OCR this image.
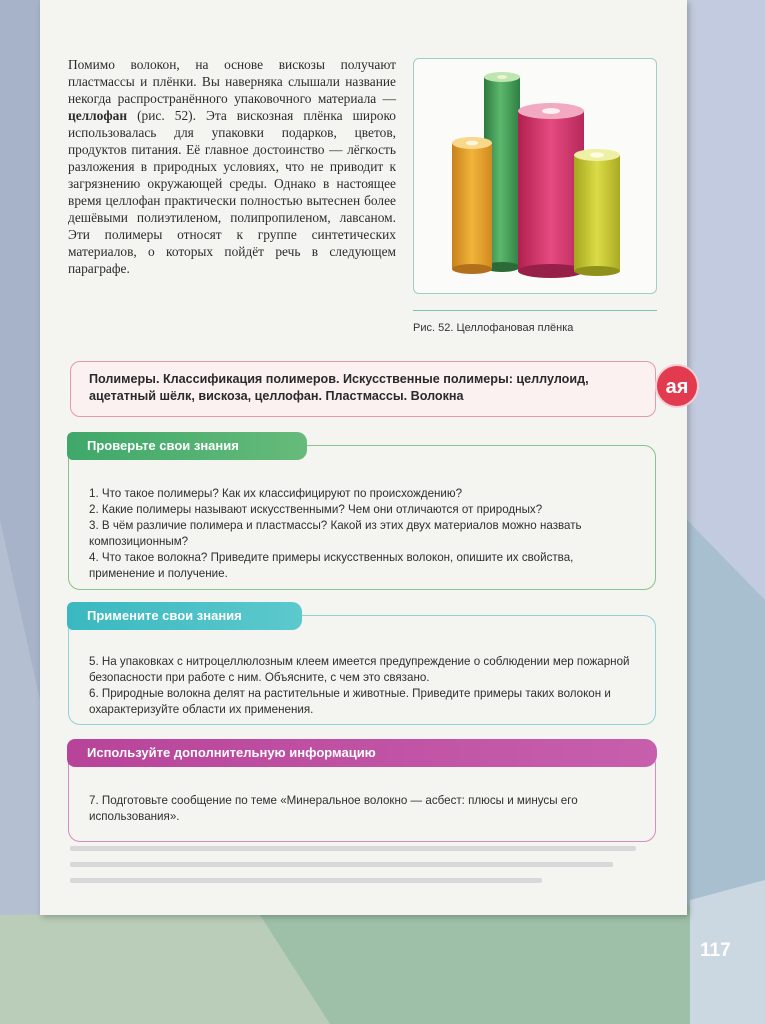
Помимо волокон, на основе вискозы получают пластмассы и плёнки. Вы наверняка слышали название некогда распространённого упаковочного материала — целлофан (рис. 52). Эта вискозная плёнка широко использовалась для упаковки подарков, цветов, продуктов питания. Её главное достоинство — лёгкость разложения в природных условиях, что не приводит к загрязнению окружающей среды. Однако в настоящее время целлофан практически полностью вытеснен более дешёвыми полиэтиленом, полипропиленом, лавсаном. Эти полимеры относят к группе синтетических материалов, о которых пойдёт речь в следующем параграфе.
Рис. 52. Целлофановая плёнка

Полимеры. Классификация полимеров. Искусственные полимеры: целлулоид, ацетатный шёлк, вискоза, целлофан. Пластмассы. Волокна	ая
Проверьте свои знания
1. Что такое полимеры? Как их классифицируют по происхождению?
2. Какие полимеры называют искусственными? Чем они отличаются от природных?
3. В чём различие полимера и пластмассы? Какой из этих двух материалов можно назвать композиционным?
4. Что такое волокна? Приведите примеры искусственных волокон, опишите их свойства, применение и получение.
Примените свои знания
5. На упаковках с нитроцеллюлозным клеем имеется предупреждение о соблюдении мер пожарной безопасности при работе с ним. Объясните, с чем это связано.
6. Природные волокна делят на растительные и животные. Приведите примеры таких волокон и охарактеризуйте области их применения.
Используйте дополнительную информацию
7. Подготовьте сообщение по теме «Минеральное волокно — асбест: плюсы и минусы его использования».
117
